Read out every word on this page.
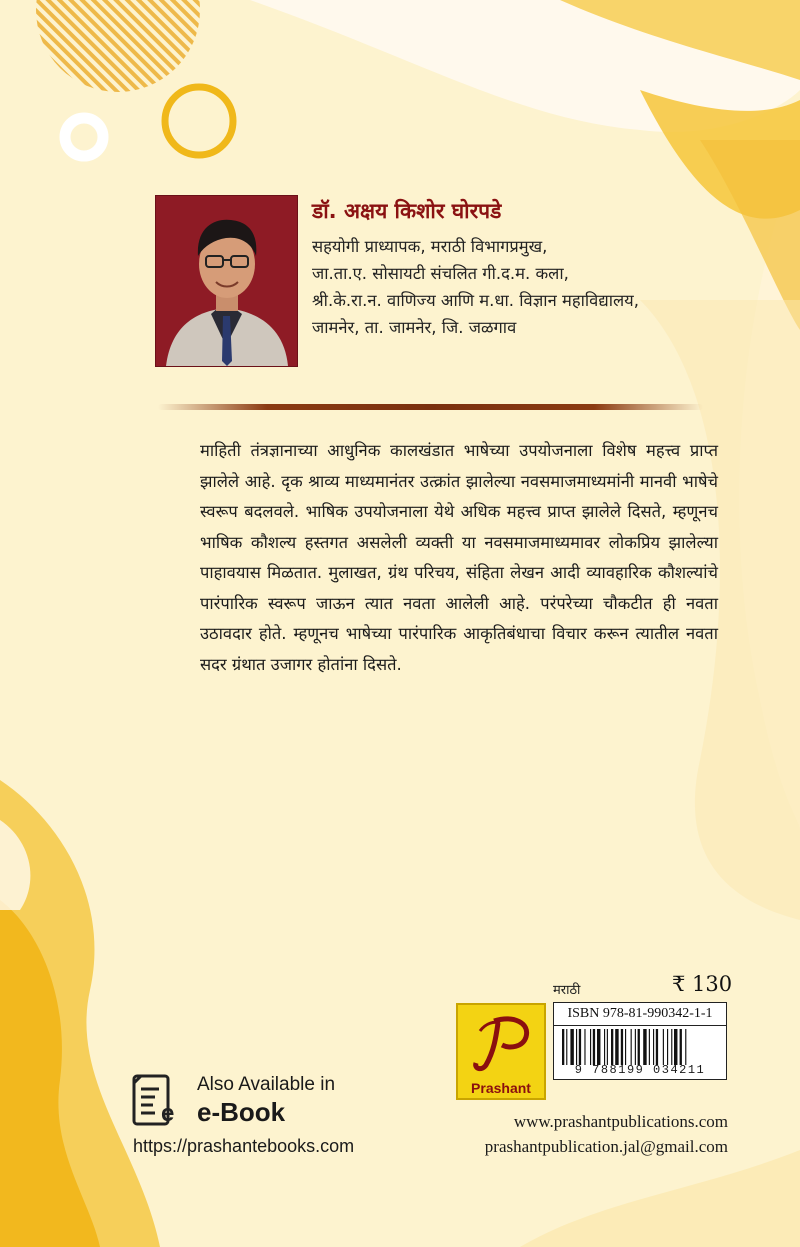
डॉ. अक्षय किशोर घोरपडे
सहयोगी प्राध्यापक, मराठी विभागप्रमुख,
जा.ता.ए. सोसायटी संचलित गी.द.म. कला,
श्री.के.रा.न. वाणिज्य आणि म.धा. विज्ञान महाविद्यालय,
जामनेर, ता. जामनेर, जि. जळगाव
माहिती तंत्रज्ञानाच्या आधुनिक कालखंडात भाषेच्या उपयोजनाला विशेष महत्त्व प्राप्त झालेले आहे. दृक श्राव्य माध्यमानंतर उत्क्रांत झालेल्या नवसमाजमाध्यमांनी मानवी भाषेचे स्वरूप बदलवले. भाषिक उपयोजनाला येथे अधिक महत्त्व प्राप्त झालेले दिसते, म्हणूनच भाषिक कौशल्य हस्तगत असलेली व्यक्ती या नवसमाजमाध्यमावर लोकप्रिय झालेल्या पाहावयास मिळतात. मुलाखत, ग्रंथ परिचय, संहिता लेखन आदी व्यावहारिक कौशल्यांचे पारंपारिक स्वरूप जाऊन त्यात नवता आलेली आहे. परंपरेच्या चौकटीत ही नवता उठावदार होते. म्हणूनच भाषेच्या पारंपारिक आकृतिबंधाचा विचार करून त्यातील नवता सदर ग्रंथात उजागर होतांना दिसते.
Prashant
मराठी	₹ 130
ISBN 978-81-990342-1-1
9 788199 034211
www.prashantpublications.com
prashantpublication.jal@gmail.com
e
Also Available in
e-Book
https://prashantebooks.com
